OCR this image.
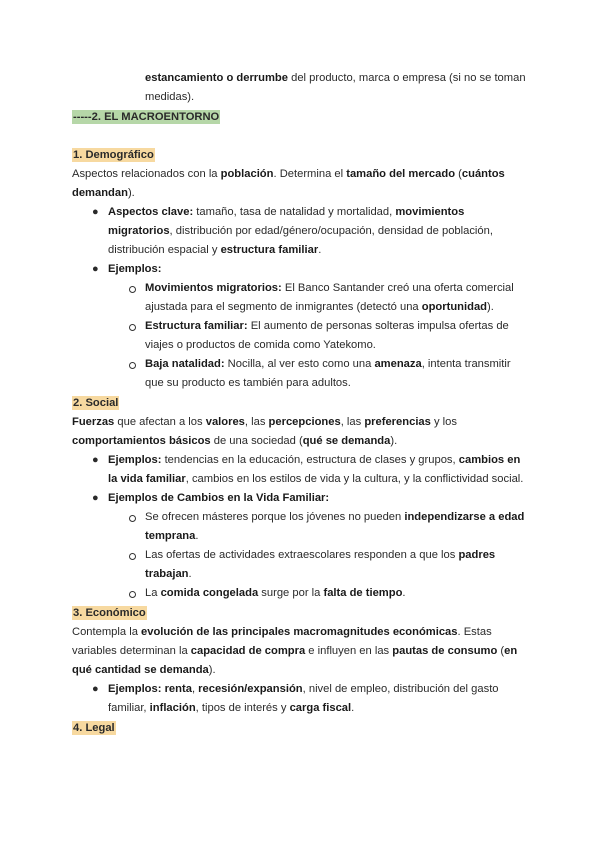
estancamiento o derrumbe del producto, marca o empresa (si no se toman
medidas).
-----2. EL MACROENTORNO
1. Demográfico
Aspectos relacionados con la población. Determina el tamaño del mercado (cuántos
demandan).
● Aspectos clave: tamaño, tasa de natalidad y mortalidad, movimientos
migratorios, distribución por edad/género/ocupación, densidad de población,
distribución espacial y estructura familiar.
● Ejemplos:
Movimientos migratorios: El Banco Santander creó una oferta comercial
ajustada para el segmento de inmigrantes (detectó una oportunidad).
Estructura familiar: El aumento de personas solteras impulsa ofertas de
viajes o productos de comida como Yatekomo.
Baja natalidad: Nocilla, al ver esto como una amenaza, intenta transmitir
que su producto es también para adultos.
2. Social
Fuerzas que afectan a los valores, las percepciones, las preferencias y los
comportamientos básicos de una sociedad (qué se demanda).
● Ejemplos: tendencias en la educación, estructura de clases y grupos, cambios en
la vida familiar, cambios en los estilos de vida y la cultura, y la conflictividad social.
● Ejemplos de Cambios en la Vida Familiar:
Se ofrecen másteres porque los jóvenes no pueden independizarse a edad
temprana.
Las ofertas de actividades extraescolares responden a que los padres
trabajan.
La comida congelada surge por la falta de tiempo.
3. Económico
Contempla la evolución de las principales macromagnitudes económicas. Estas
variables determinan la capacidad de compra e influyen en las pautas de consumo (en
qué cantidad se demanda).
● Ejemplos: renta, recesión/expansión, nivel de empleo, distribución del gasto
familiar, inflación, tipos de interés y carga fiscal.
4. Legal
